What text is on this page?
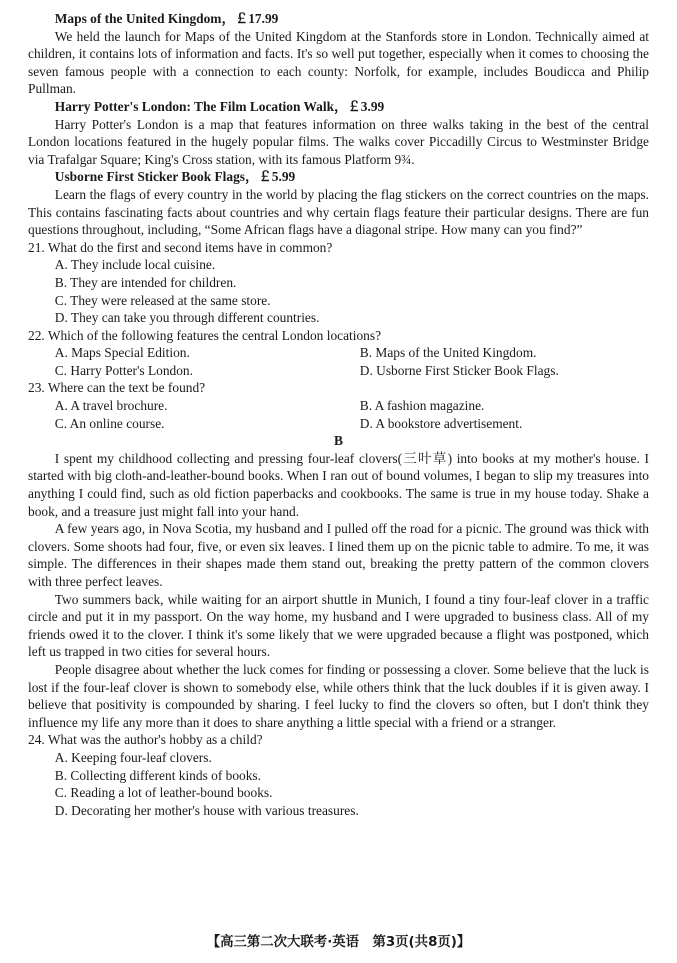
Maps of the United Kingdom，￡17.99

We held the launch for Maps of the United Kingdom at the Stanfords store in London. Technically aimed at children, it contains lots of information and facts. It's so well put together, especially when it comes to choosing the seven famous people with a connection to each county: Norfolk, for example, includes Boudicca and Philip Pullman.

Harry Potter's London: The Film Location Walk，￡3.99

Harry Potter's London is a map that features information on three walks taking in the best of the central London locations featured in the hugely popular films. The walks cover Piccadilly Circus to Westminster Bridge via Trafalgar Square; King's Cross station, with its famous Platform 9¾.

Usborne First Sticker Book Flags，￡5.99

Learn the flags of every country in the world by placing the flag stickers on the correct countries on the maps. This contains fascinating facts about countries and why certain flags feature their particular designs. There are fun questions throughout, including, “Some African flags have a diagonal stripe. How many can you find?”

21. What do the first and second items have in common?

A. They include local cuisine.

B. They are intended for children.

C. They were released at the same store.

D. They can take you through different countries.

22. Which of the following features the central London locations?

A. Maps Special Edition.	B. Maps of the United Kingdom.
C. Harry Potter's London.	D. Usborne First Sticker Book Flags.

23. Where can the text be found?

A. A travel brochure.	B. A fashion magazine.
C. An online course.	D. A bookstore advertisement.

B

I spent my childhood collecting and pressing four-leaf clovers(三叶草) into books at my mother's house. I started with big cloth-and-leather-bound books. When I ran out of bound volumes, I began to slip my treasures into anything I could find, such as old fiction paperbacks and cookbooks. The same is true in my house today. Shake a book, and a treasure just might fall into your hand.

A few years ago, in Nova Scotia, my husband and I pulled off the road for a picnic. The ground was thick with clovers. Some shoots had four, five, or even six leaves. I lined them up on the picnic table to admire. To me, it was simple. The differences in their shapes made them stand out, breaking the pretty pattern of the common clovers with three perfect leaves.

Two summers back, while waiting for an airport shuttle in Munich, I found a tiny four-leaf clover in a traffic circle and put it in my passport. On the way home, my husband and I were upgraded to business class. All of my friends owed it to the clover. I think it's some likely that we were upgraded because a flight was postponed, which left us trapped in two cities for several hours.

People disagree about whether the luck comes for finding or possessing a clover. Some believe that the luck is lost if the four-leaf clover is shown to somebody else, while others think that the luck doubles if it is given away. I believe that positivity is compounded by sharing. I feel lucky to find the clovers so often, but I don't think they influence my life any more than it does to share anything a little special with a friend or a stranger.

24. What was the author's hobby as a child?

A. Keeping four-leaf clovers.

B. Collecting different kinds of books.

C. Reading a lot of leather-bound books.

D. Decorating her mother's house with various treasures.

【高三第二次大联考·英语　第3页(共8页)】
